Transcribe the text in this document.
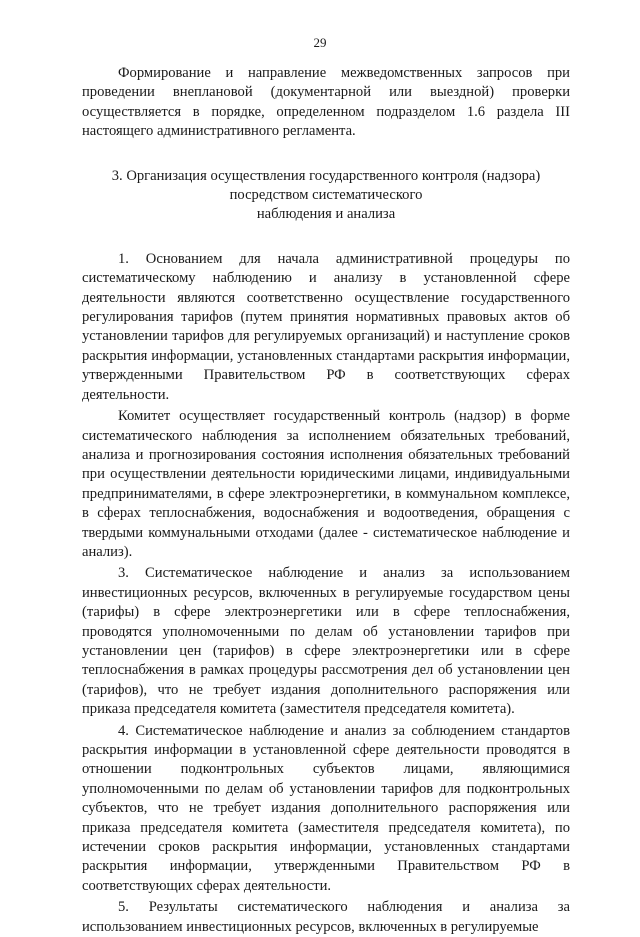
29

Формирование и направление межведомственных запросов при проведении внеплановой (документарной или выездной) проверки осуществляется в порядке, определенном подразделом 1.6 раздела III настоящего административного регламента.

3. Организация осуществления государственного контроля (надзора)

посредством систематического

наблюдения и анализа

1. Основанием для начала административной процедуры по систематическому наблюдению и анализу в установленной сфере деятельности являются соответственно осуществление государственного регулирования тарифов (путем принятия нормативных правовых актов об установлении тарифов для регулируемых организаций) и наступление сроков раскрытия информации, установленных стандартами раскрытия информации, утвержденными Правительством РФ в соответствующих сферах деятельности.

Комитет осуществляет государственный контроль (надзор) в форме систематического наблюдения за исполнением обязательных требований, анализа и прогнозирования состояния исполнения обязательных требований при осуществлении деятельности юридическими лицами, индивидуальными предпринимателями, в сфере электроэнергетики, в коммунальном комплексе, в сферах теплоснабжения, водоснабжения и водоотведения, обращения с твердыми коммунальными отходами (далее - систематическое наблюдение и анализ).

3. Систематическое наблюдение и анализ за использованием инвестиционных ресурсов, включенных в регулируемые государством цены (тарифы) в сфере электроэнергетики или в сфере теплоснабжения, проводятся уполномоченными по делам об установлении тарифов при установлении цен (тарифов) в сфере электроэнергетики или в сфере теплоснабжения в рамках процедуры рассмотрения дел об установлении цен (тарифов), что не требует издания дополнительного распоряжения или приказа председателя комитета (заместителя председателя комитета).

4. Систематическое наблюдение и анализ за соблюдением стандартов раскрытия информации в установленной сфере деятельности проводятся в отношении подконтрольных субъектов лицами, являющимися уполномоченными по делам об установлении тарифов для подконтрольных субъектов, что не требует издания дополнительного распоряжения или приказа председателя комитета (заместителя председателя комитета), по истечении сроков раскрытия информации, установленных стандартами раскрытия информации, утвержденными Правительством РФ в соответствующих сферах деятельности.

5. Результаты систематического наблюдения и анализа за использованием инвестиционных ресурсов, включенных в регулируемые
